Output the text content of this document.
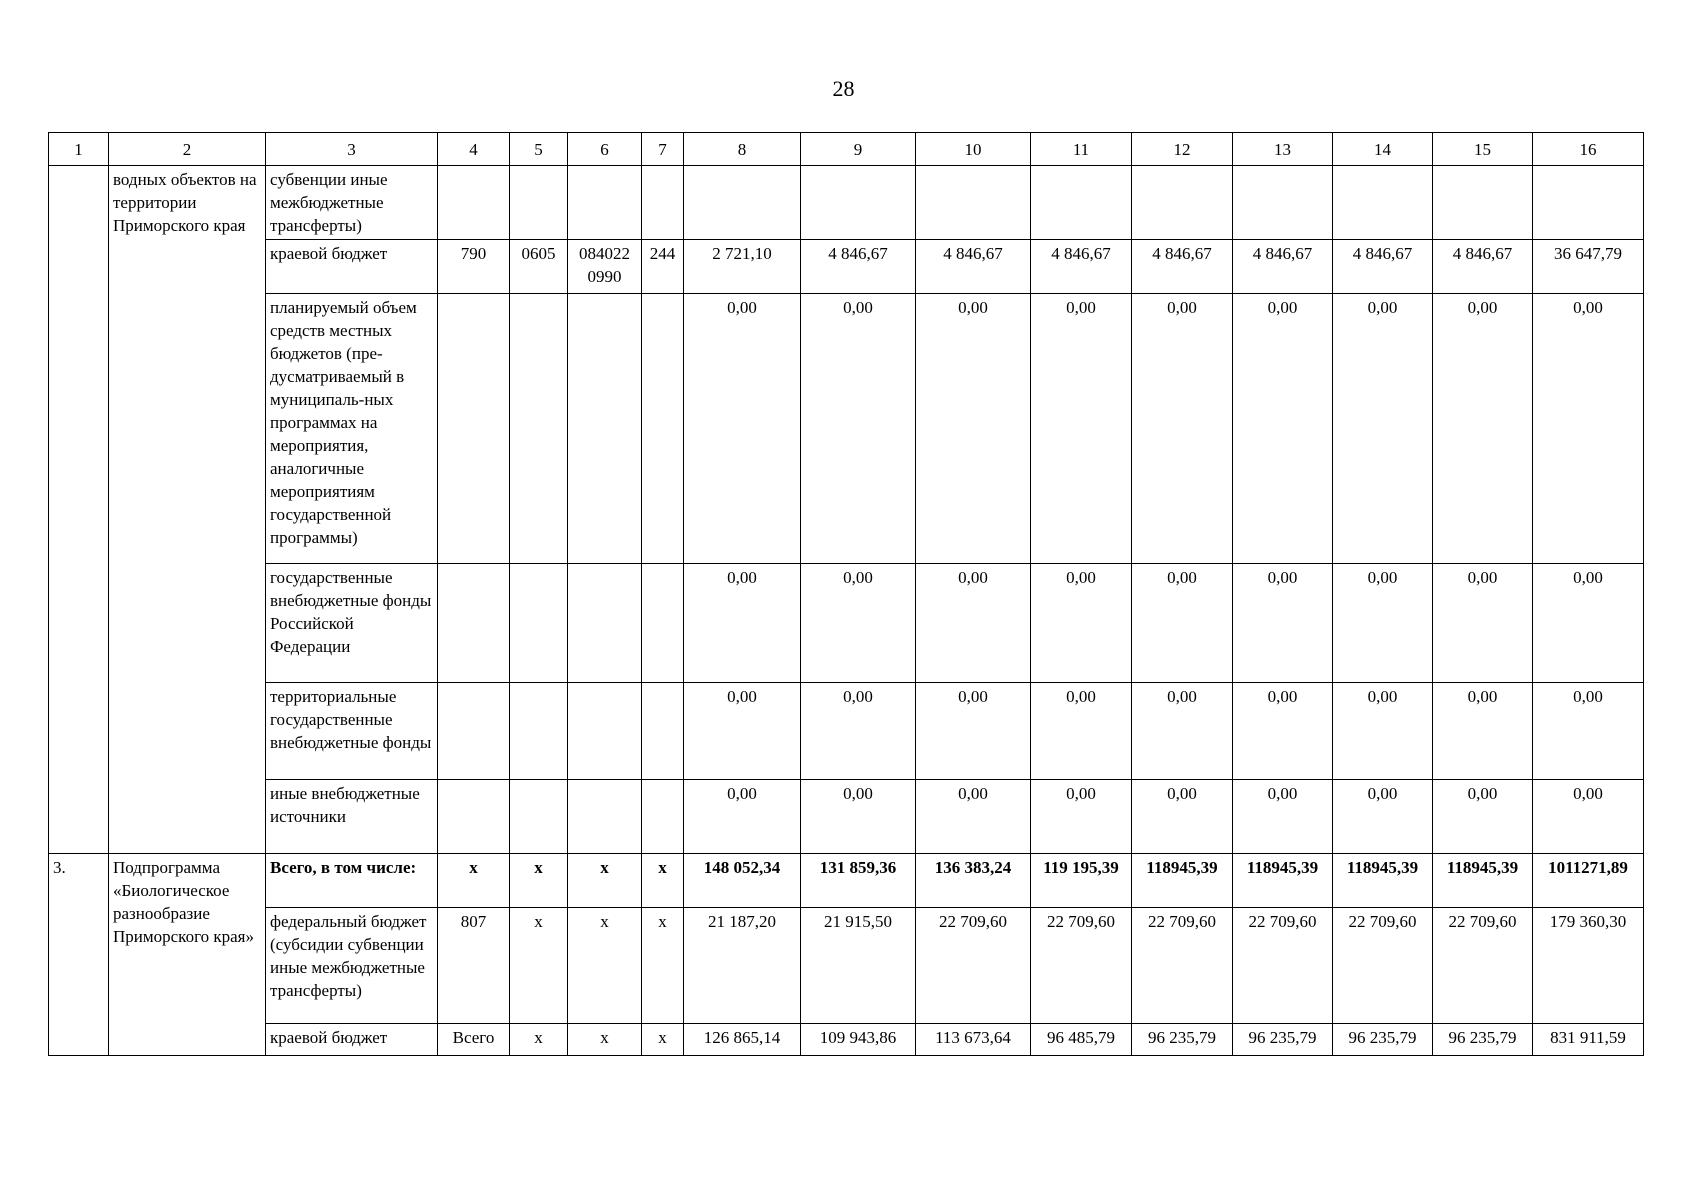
28
1	2	3	4	5	6	7	8	9	10	11	12	13	14	15	16
	водных объектов на территории Приморского края	субвенции иные межбюджетные трансферты)													
		краевой бюджет	790	0605	084022 0990	244	2 721,10	4 846,67	4 846,67	4 846,67	4 846,67	4 846,67	4 846,67	4 846,67	36 647,79
		планируемый объем средств местных бюджетов (пре-дусматриваемый в муниципаль-ных программах на мероприятия, аналогичные мероприятиям государственной программы)					0,00	0,00	0,00	0,00	0,00	0,00	0,00	0,00	0,00
		государственные внебюджетные фонды Российской Федерации					0,00	0,00	0,00	0,00	0,00	0,00	0,00	0,00	0,00
		территориальные государственные внебюджетные фонды					0,00	0,00	0,00	0,00	0,00	0,00	0,00	0,00	0,00
		иные внебюджетные источники					0,00	0,00	0,00	0,00	0,00	0,00	0,00	0,00	0,00
3.	Подпрограмма «Биологическое разнообразие Приморского края»	Всего, в том числе:	х	х	х	х	148 052,34	131 859,36	136 383,24	119 195,39	118945,39	118945,39	118945,39	118945,39	1011271,89
		федеральный бюджет (субсидии субвенции иные межбюджетные трансферты)	807	х	х	х	21 187,20	21 915,50	22 709,60	22 709,60	22 709,60	22 709,60	22 709,60	22 709,60	179 360,30
		краевой бюджет	Всего	х	х	х	126 865,14	109 943,86	113 673,64	96 485,79	96 235,79	96 235,79	96 235,79	96 235,79	831 911,59
